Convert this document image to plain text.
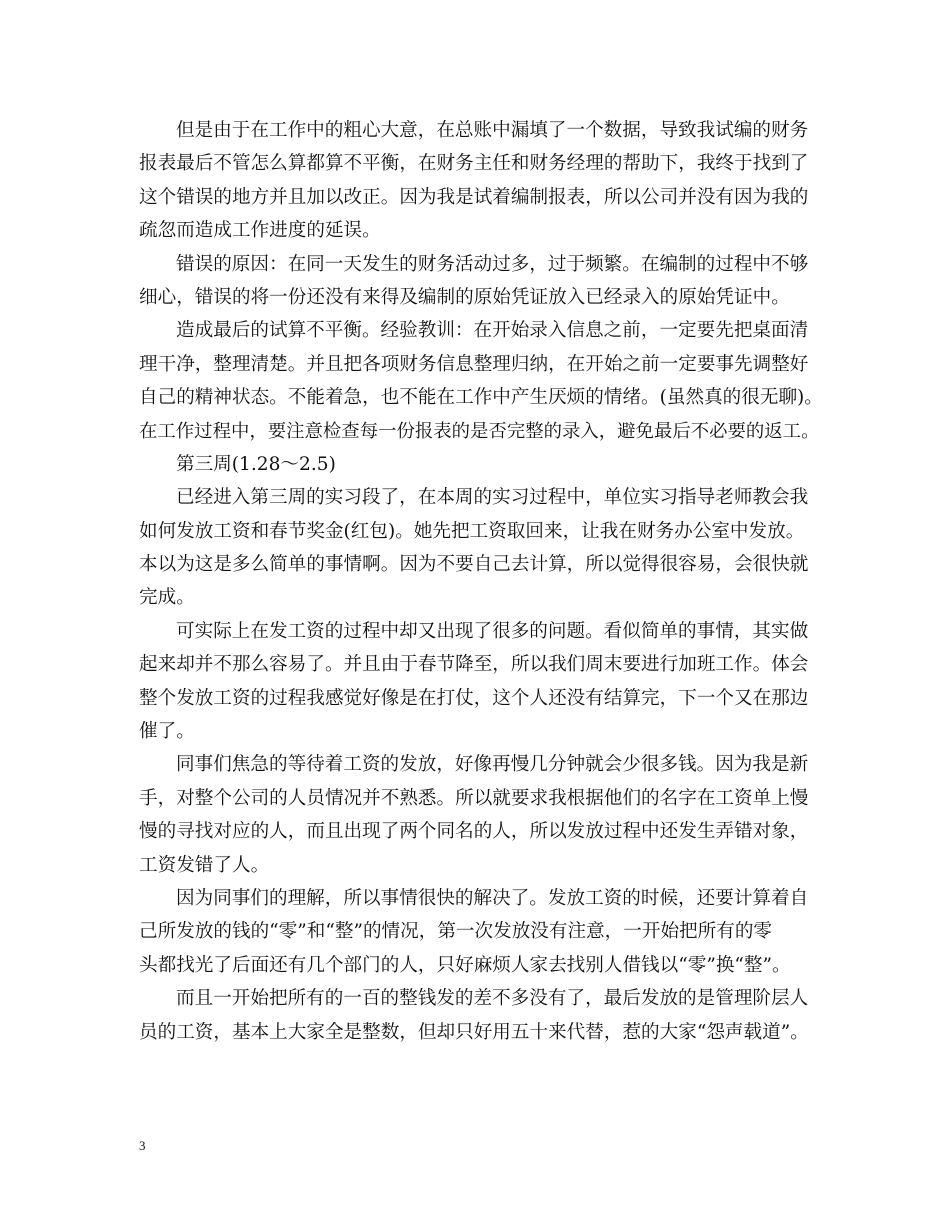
但是由于在工作中的粗心大意，在总账中漏填了一个数据，导致我试编的财务
报表最后不管怎么算都算不平衡，在财务主任和财务经理的帮助下，我终于找到了
这个错误的地方并且加以改正。因为我是试着编制报表，所以公司并没有因为我的
疏忽而造成工作进度的延误。
错误的原因：在同一天发生的财务活动过多，过于频繁。在编制的过程中不够
细心，错误的将一份还没有来得及编制的原始凭证放入已经录入的原始凭证中。
造成最后的试算不平衡。经验教训：在开始录入信息之前，一定要先把桌面清
理干净，整理清楚。并且把各项财务信息整理归纳，在开始之前一定要事先调整好
自己的精神状态。不能着急，也不能在工作中产生厌烦的情绪。(虽然真的很无聊)。
在工作过程中，要注意检查每一份报表的是否完整的录入，避免最后不必要的返工。
第三周(1.28～2.5)
已经进入第三周的实习段了，在本周的实习过程中，单位实习指导老师教会我
如何发放工资和春节奖金(红包)。她先把工资取回来，让我在财务办公室中发放。
本以为这是多么简单的事情啊。因为不要自己去计算，所以觉得很容易，会很快就
完成。
可实际上在发工资的过程中却又出现了很多的问题。看似简单的事情，其实做
起来却并不那么容易了。并且由于春节降至，所以我们周末要进行加班工作。体会
整个发放工资的过程我感觉好像是在打仗，这个人还没有结算完，下一个又在那边
催了。
同事们焦急的等待着工资的发放，好像再慢几分钟就会少很多钱。因为我是新
手，对整个公司的人员情况并不熟悉。所以就要求我根据他们的名字在工资单上慢
慢的寻找对应的人，而且出现了两个同名的人，所以发放过程中还发生弄错对象，
工资发错了人。
因为同事们的理解，所以事情很快的解决了。发放工资的时候，还要计算着自
己所发放的钱的“零”和“整”的情况，第一次发放没有注意，一开始把所有的零
头都找光了后面还有几个部门的人，只好麻烦人家去找别人借钱以“零”换“整”。
而且一开始把所有的一百的整钱发的差不多没有了，最后发放的是管理阶层人
员的工资，基本上大家全是整数，但却只好用五十来代替，惹的大家“怨声载道”。
3
